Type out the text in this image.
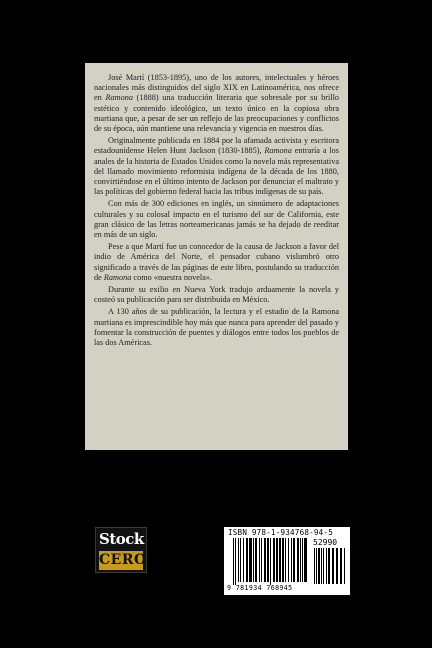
José Martí (1853-1895), uno de los autores, intelectuales y héroes nacionales más distinguidos del siglo XIX en Latinoamérica, nos ofrece en Ramona (1888) una traducción literaria que sobresale por su brillo estético y contenido ideológico, un texto único en la copiosa obra martiana que, a pesar de ser un reflejo de las preocupaciones y conflictos de su época, aún mantiene una relevancia y vigencia en nuestros días.

Originalmente publicada en 1884 por la afamada activista y escritora estadounidense Helen Hunt Jackson (1830-1885), Ramona entraría a los anales de la historia de Estados Unidos como la novela más representativa del llamado movimiento reformista indígena de la década de los 1880, convirtiéndose en el último intento de Jackson por denunciar el maltrato y las políticas del gobierno federal hacia las tribus indígenas de su país.

Con más de 300 ediciones en inglés, un sinnúmero de adaptaciones culturales y su colosal impacto en el turismo del sur de California, este gran clásico de las letras norteamericanas jamás se ha dejado de reeditar en más de un siglo.

Pese a que Martí fue un conocedor de la causa de Jackson a favor del indio de América del Norte, el pensador cubano vislumbró otro significado a través de las páginas de este libro, postulando su traducción de Ramona como «nuestra novela».

Durante su exilio en Nueva York tradujo arduamente la novela y costeó su publicación para ser distribuida en México.

A 130 años de su publicación, la lectura y el estudio de la Ramona martiana es imprescindible hoy más que nunca para aprender del pasado y fomentar la construcción de puentes y diálogos entre todos los pueblos de las dos Américas.

Stock
CERO
ISBN 978-1-934768-94-5
52990
9 781934 768945
